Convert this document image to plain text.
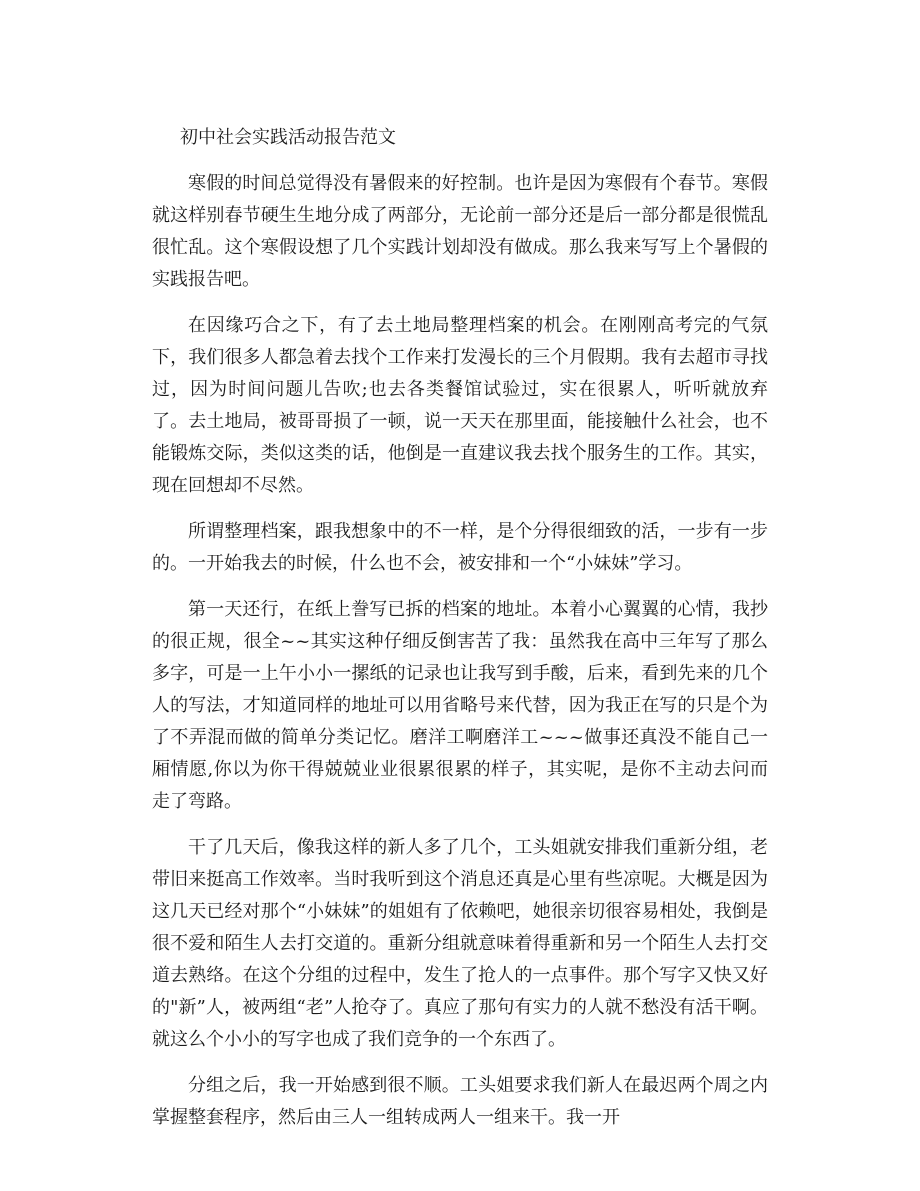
初中社会实践活动报告范文

寒假的时间总觉得没有暑假来的好控制。也许是因为寒假有个春节。寒假就这样别春节硬生生地分成了两部分，无论前一部分还是后一部分都是很慌乱很忙乱。这个寒假设想了几个实践计划却没有做成。那么我来写写上个暑假的实践报告吧。

在因缘巧合之下，有了去土地局整理档案的机会。在刚刚高考完的气氛下，我们很多人都急着去找个工作来打发漫长的三个月假期。我有去超市寻找过，因为时间问题儿告吹;也去各类餐馆试验过，实在很累人，听听就放弃了。去土地局，被哥哥损了一顿，说一天天在那里面，能接触什么社会，也不能锻炼交际，类似这类的话，他倒是一直建议我去找个服务生的工作。其实，现在回想却不尽然。

所谓整理档案，跟我想象中的不一样，是个分得很细致的活，一步有一步的。一开始我去的时候，什么也不会，被安排和一个“小妹妹”学习。

第一天还行，在纸上誊写已拆的档案的地址。本着小心翼翼的心情，我抄的很正规，很全~~其实这种仔细反倒害苦了我：虽然我在高中三年写了那么多字，可是一上午小小一摞纸的记录也让我写到手酸，后来，看到先来的几个人的写法，才知道同样的地址可以用省略号来代替，因为我正在写的只是个为了不弄混而做的简单分类记忆。磨洋工啊磨洋工~~~做事还真没不能自己一厢情愿,你以为你干得兢兢业业很累很累的样子，其实呢，是你不主动去问而走了弯路。

干了几天后，像我这样的新人多了几个，工头姐就安排我们重新分组，老带旧来挺高工作效率。当时我听到这个消息还真是心里有些凉呢。大概是因为这几天已经对那个“小妹妹”的姐姐有了依赖吧，她很亲切很容易相处，我倒是很不爱和陌生人去打交道的。重新分组就意味着得重新和另一个陌生人去打交道去熟络。在这个分组的过程中，发生了抢人的一点事件。那个写字又快又好的"新”人，被两组“老”人抢夺了。真应了那句有实力的人就不愁没有活干啊。就这么个小小的写字也成了我们竞争的一个东西了。

分组之后，我一开始感到很不顺。工头姐要求我们新人在最迟两个周之内掌握整套程序，然后由三人一组转成两人一组来干。我一开
